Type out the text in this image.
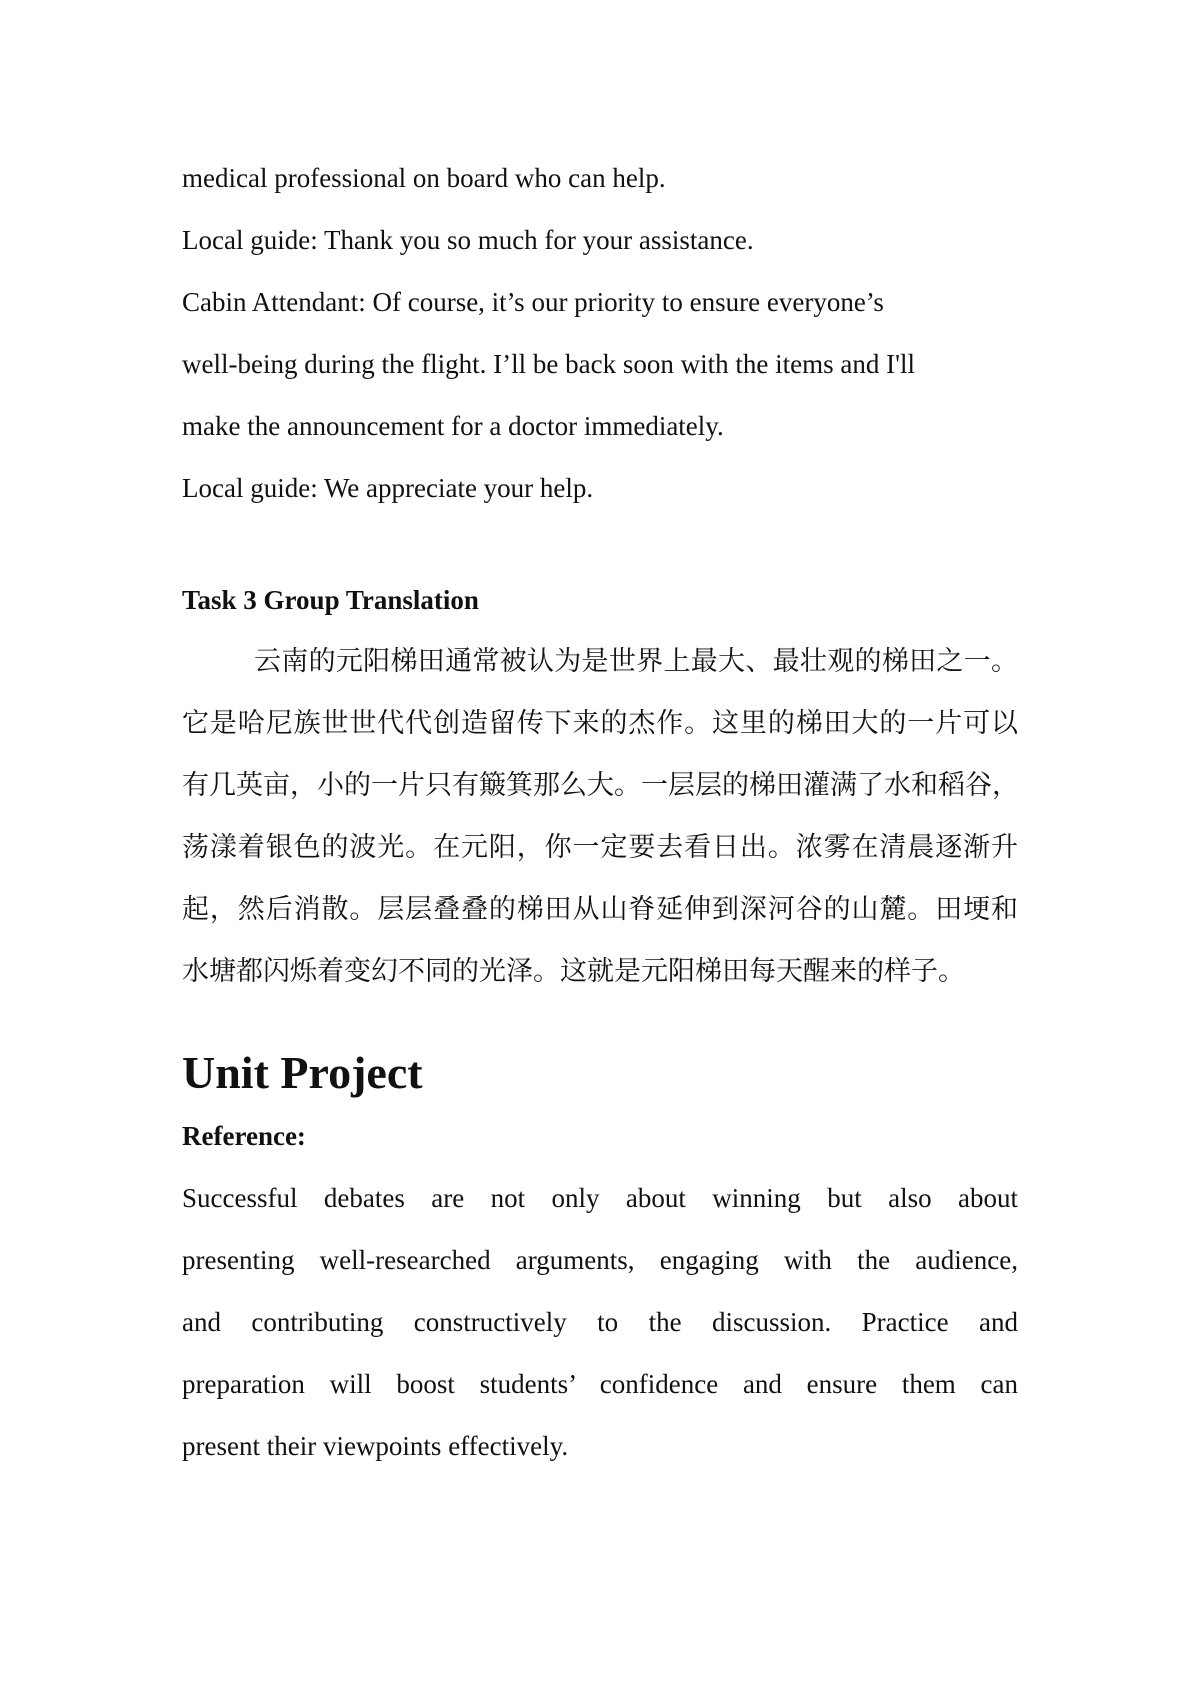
medical professional on board who can help.
Local guide: Thank you so much for your assistance.
Cabin Attendant: Of course, it’s our priority to ensure everyone’s
well-being during the flight. I’ll be back soon with the items and I'll
make the announcement for a doctor immediately.
Local guide: We appreciate your help.
Task 3 Group Translation
云南的元阳梯田通常被认为是世界上最大、最壮观的梯田之一。
它是哈尼族世世代代创造留传下来的杰作。这里的梯田大的一片可以
有几英亩，小的一片只有簸箕那么大。一层层的梯田灌满了水和稻谷，
荡漾着银色的波光。在元阳，你一定要去看日出。浓雾在清晨逐渐升
起，然后消散。层层叠叠的梯田从山脊延伸到深河谷的山麓。田埂和
水塘都闪烁着变幻不同的光泽。这就是元阳梯田每天醒来的样子。
Unit Project
Reference:
Successful debates are not only about winning but also about
presenting well-researched arguments, engaging with the audience,
and contributing constructively to the discussion. Practice and
preparation will boost students’ confidence and ensure them can
present their viewpoints effectively.
